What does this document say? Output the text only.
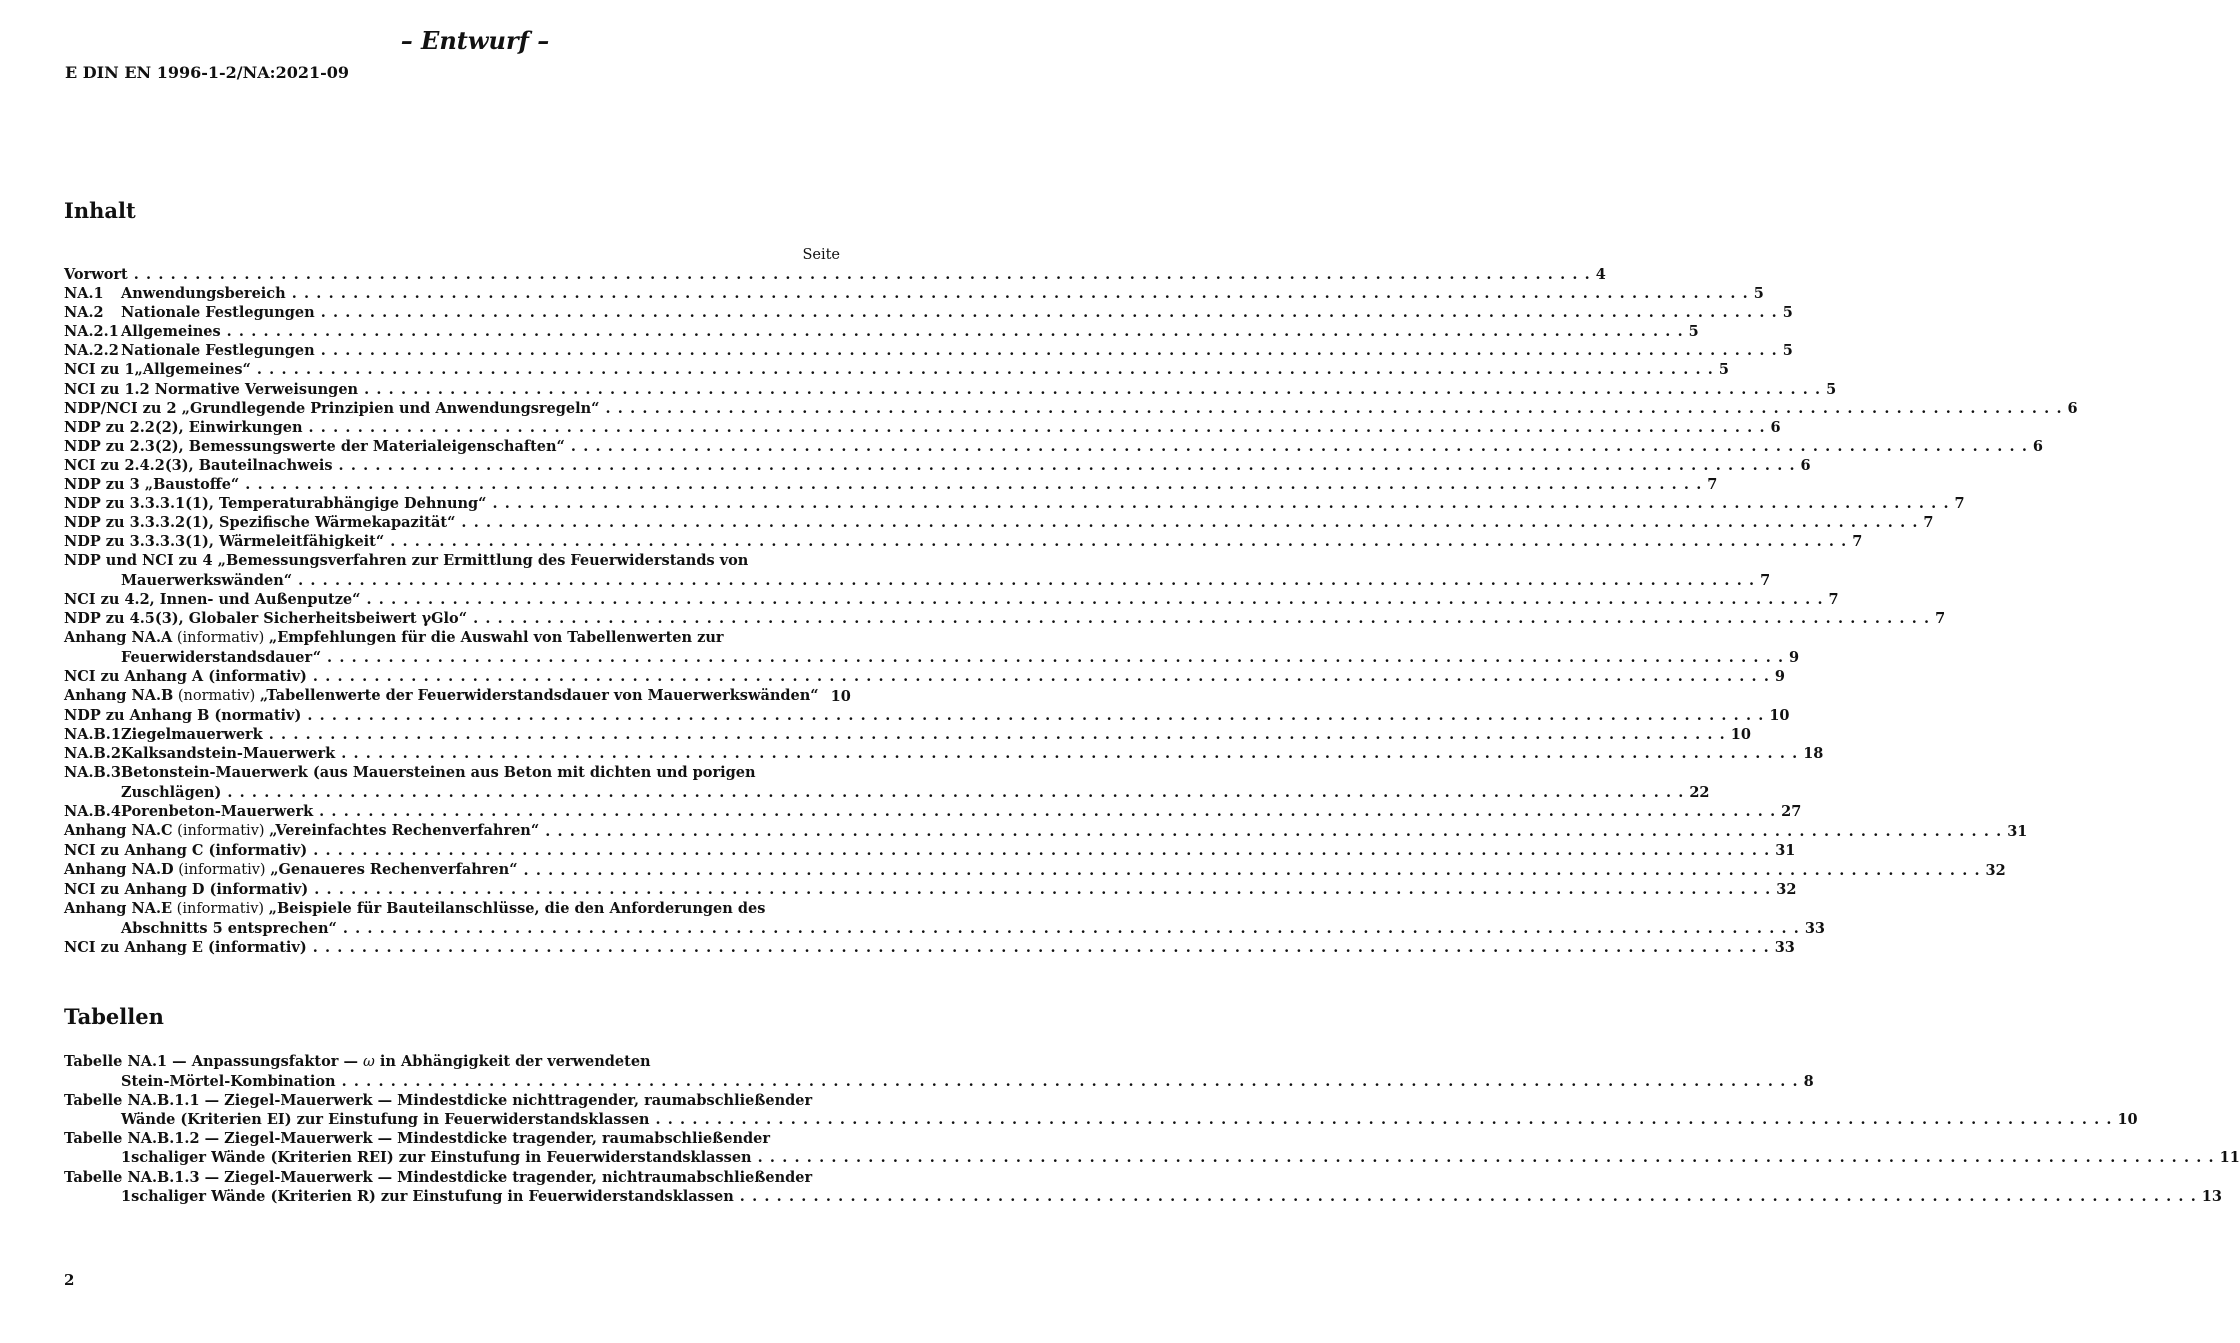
– Entwurf –
E DIN EN 1996-1-2/NA:2021-09
Inhalt
Seite
Vorwort . . .	4
NA.1 Anwendungsbereich . . .	5
NA.2 Nationale Festlegungen . . .	5
NA.2.1 Allgemeines . . .	5
NA.2.2 Nationale Festlegungen . . .	5
NCI zu 1„Allgemeines“ . . .	5
NCI zu 1.2 Normative Verweisungen . . .	5
NDP/NCI zu 2 „Grundlegende Prinzipien und Anwendungsregeln“ . . .	6
NDP zu 2.2(2), Einwirkungen . . .	6
NDP zu 2.3(2), Bemessungswerte der Materialeigenschaften“ . . .	6
NCI zu 2.4.2(3), Bauteilnachweis . . .	6
NDP zu 3 „Baustoffe“ . . .	7
NDP zu 3.3.3.1(1), Temperaturabhängige Dehnung“ . . .	7
NDP zu 3.3.3.2(1), Spezifische Wärmekapazität“ . . .	7
NDP zu 3.3.3.3(1), Wärmeleitfähigkeit“ . . .	7
NDP und NCI zu 4 „Bemessungsverfahren zur Ermittlung des Feuerwiderstands von
Mauerwerkswänden“ . . .	7
NCI zu 4.2, Innen- und Außenputze“ . . .	7
NDP zu 4.5(3), Globaler Sicherheitsbeiwert γGlo“ . . .	7
Anhang NA.A (informativ) „Empfehlungen für die Auswahl von Tabellenwerten zur
Feuerwiderstandsdauer“ . . .	9
NCI zu Anhang A (informativ) . . .	9
Anhang NA.B (normativ) „Tabellenwerte der Feuerwiderstandsdauer von Mauerwerkswänden“ 10
NDP zu Anhang B (normativ) . . .	10
NA.B.1Ziegelmauerwerk . . .	10
NA.B.2Kalksandstein-Mauerwerk . . .	18
NA.B.3Betonstein-Mauerwerk (aus Mauersteinen aus Beton mit dichten und porigen
Zuschlägen) . . .	22
NA.B.4Porenbeton-Mauerwerk . . .	27
Anhang NA.C (informativ) „Vereinfachtes Rechenverfahren“ . . .	31
NCI zu Anhang C (informativ) . . .	31
Anhang NA.D (informativ) „Genaueres Rechenverfahren“ . . .	32
NCI zu Anhang D (informativ) . . .	32
Anhang NA.E (informativ) „Beispiele für Bauteilanschlüsse, die den Anforderungen des
Abschnitts 5 entsprechen“ . . .	33
NCI zu Anhang E (informativ) . . .	33
Tabellen
Tabelle NA.1 — Anpassungsfaktor — ω in Abhängigkeit der verwendeten
Stein-Mörtel-Kombination . . .	8
Tabelle NA.B.1.1 — Ziegel-Mauerwerk — Mindestdicke nichttragender, raumabschließender
Wände (Kriterien EI) zur Einstufung in Feuerwiderstandsklassen . . .	10
Tabelle NA.B.1.2 — Ziegel-Mauerwerk — Mindestdicke tragender, raumabschließender
1schaliger Wände (Kriterien REI) zur Einstufung in Feuerwiderstandsklassen . . .	11
Tabelle NA.B.1.3 — Ziegel-Mauerwerk — Mindestdicke tragender, nichtraumabschließender
1schaliger Wände (Kriterien R) zur Einstufung in Feuerwiderstandsklassen . . .	13
2
